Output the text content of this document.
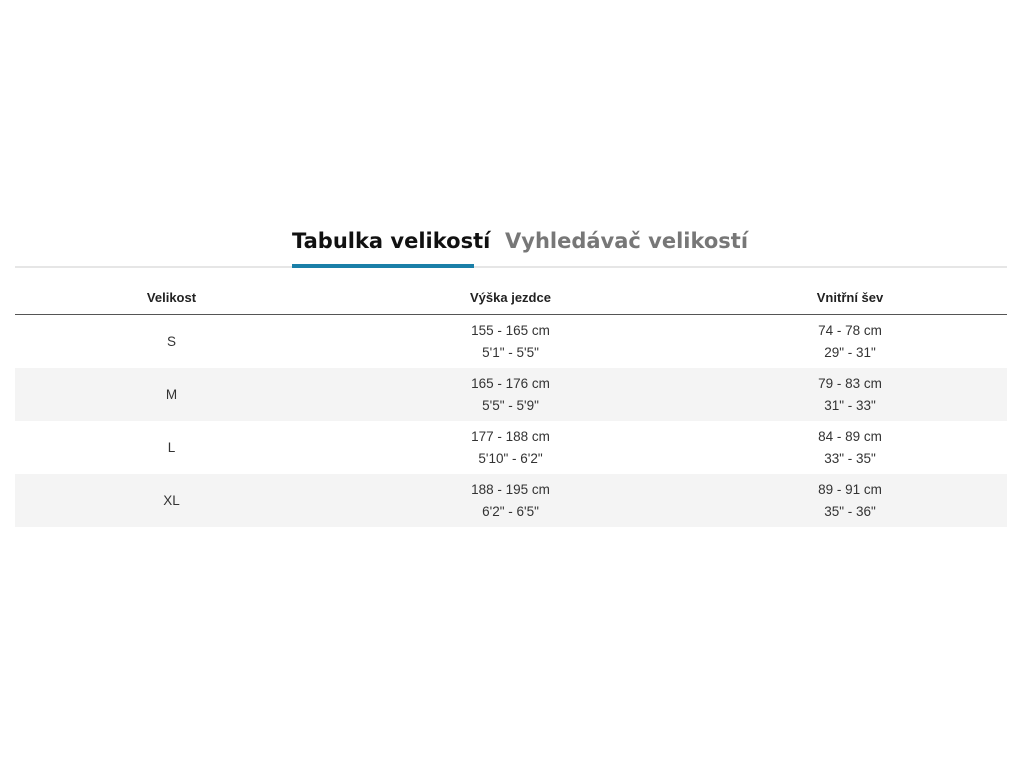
Tabulka velikostí Vyhledávač velikostí
Velikost	Výška jezdce	Vnitřní šev
S
155 - 165 cm
5'1" - 5'5"
74 - 78 cm
29" - 31"
M
165 - 176 cm
5'5" - 5'9"
79 - 83 cm
31" - 33"
L
177 - 188 cm
5'10" - 6'2"
84 - 89 cm
33" - 35"
XL
188 - 195 cm
6'2" - 6'5"
89 - 91 cm
35" - 36"
